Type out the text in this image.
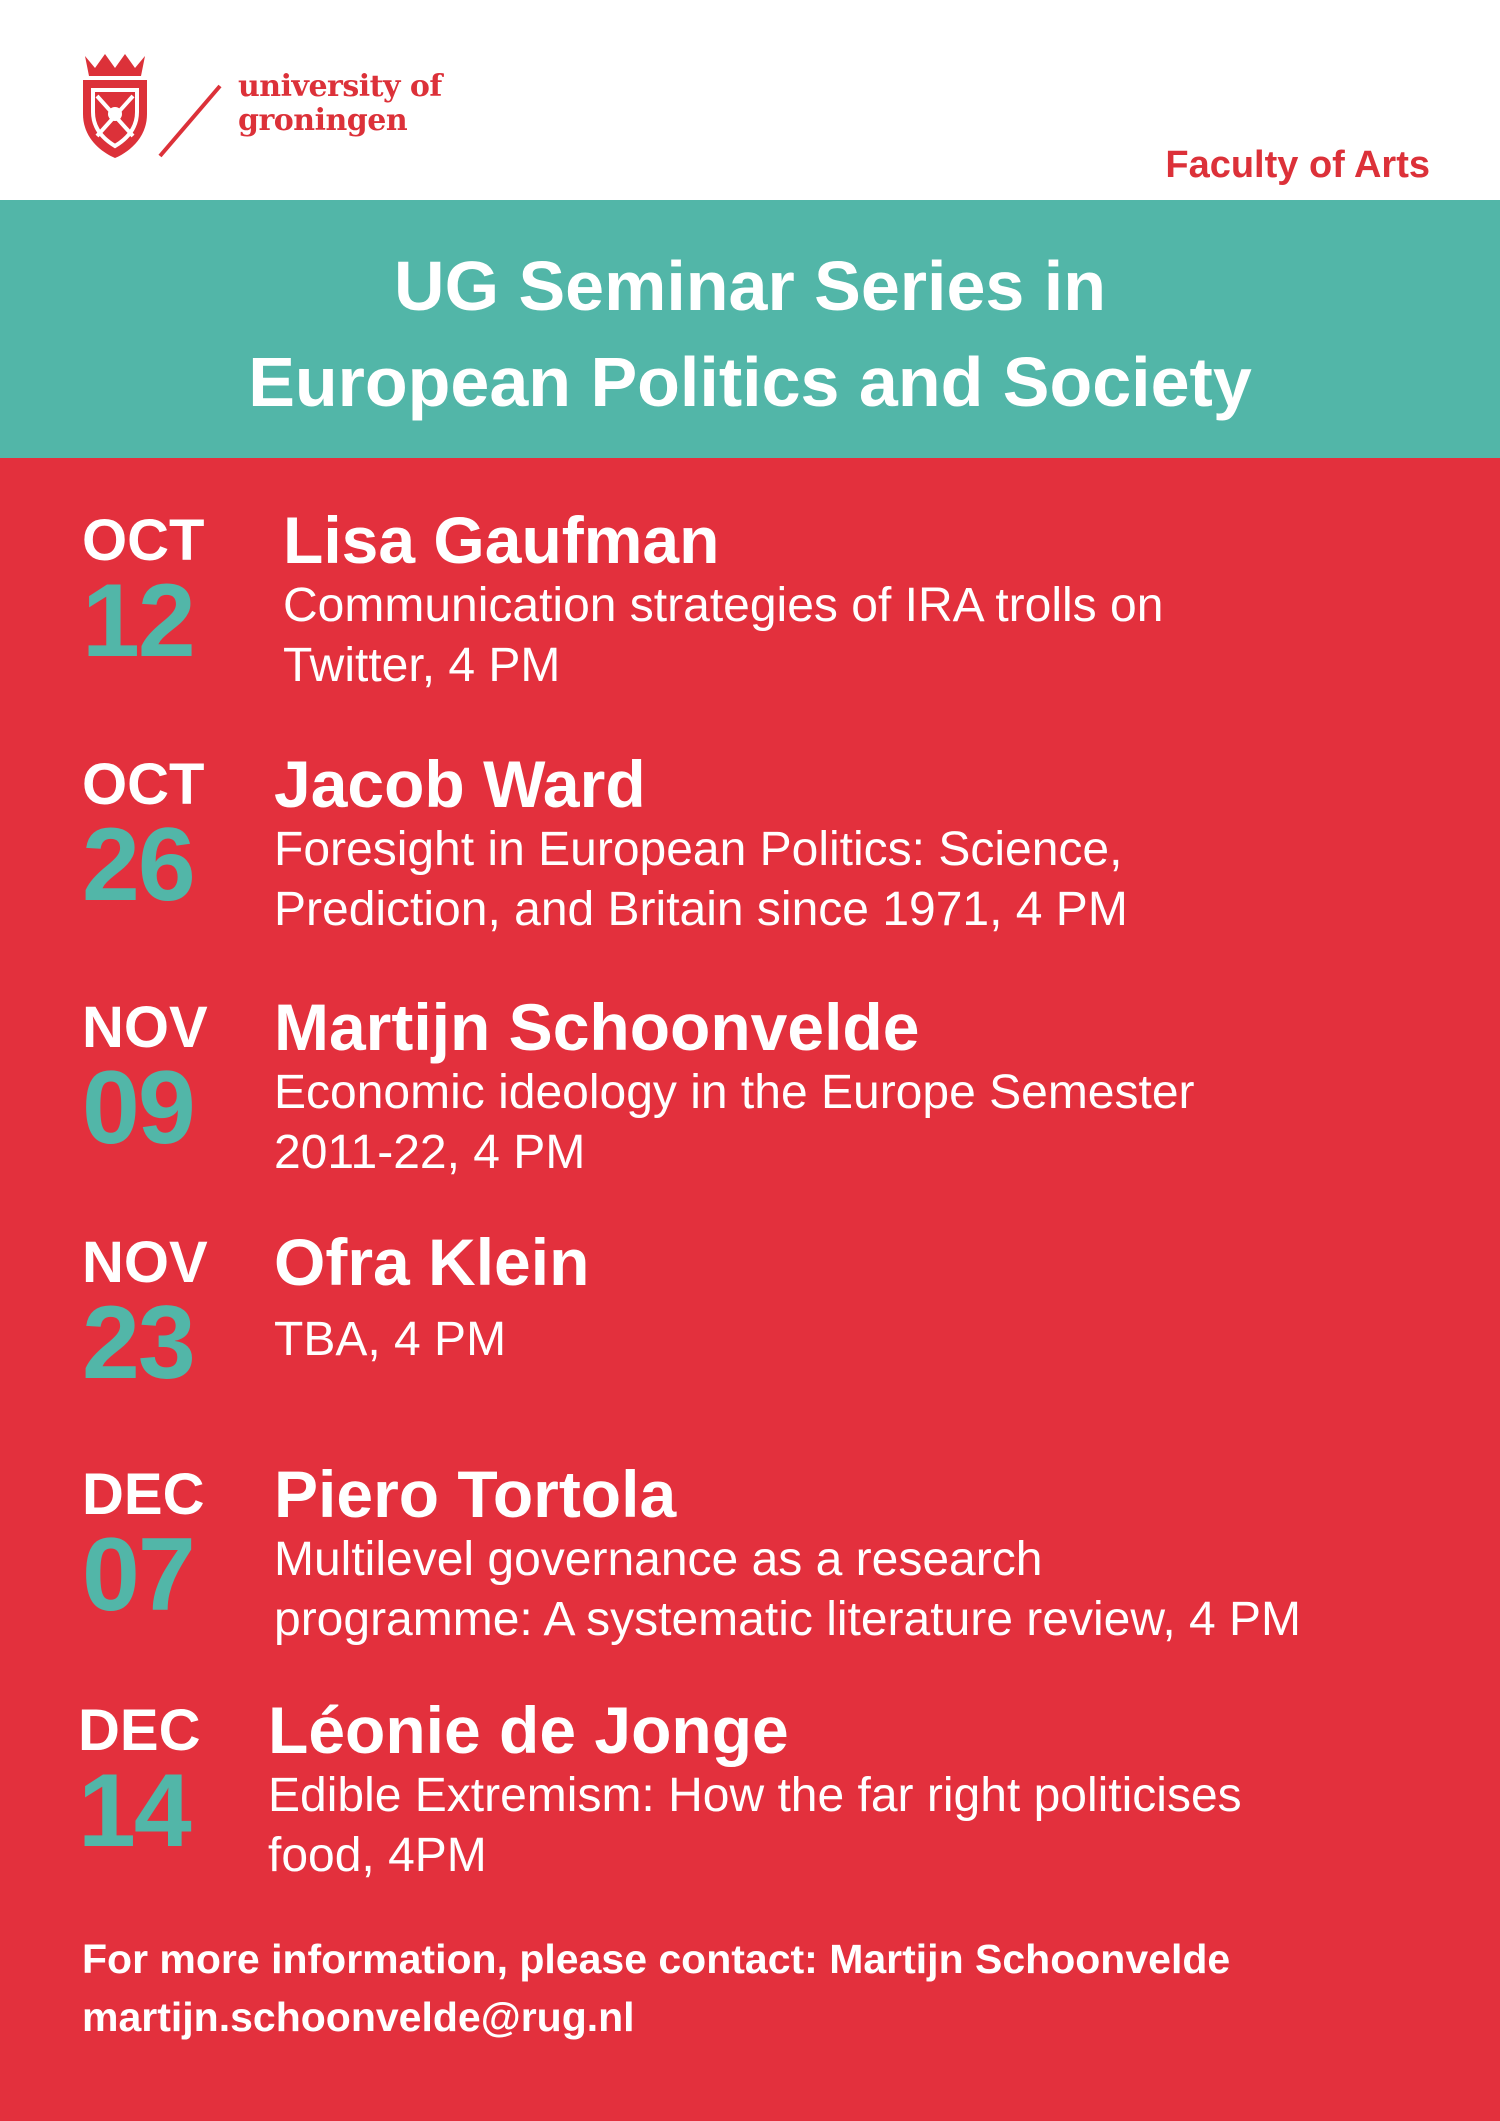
university of
groningen
Faculty of Arts
UG Seminar Series in
European Politics and Society
OCT
12
Lisa Gaufman
Communication strategies of IRA trolls on
Twitter, 4 PM
OCT
26
Jacob Ward
Foresight in European Politics: Science,
Prediction, and Britain since 1971, 4 PM
NOV
09
Martijn Schoonvelde
Economic ideology in the Europe Semester
2011-22, 4 PM
NOV
23
Ofra Klein
TBA, 4 PM
DEC
07
Piero Tortola
Multilevel governance as a research
programme: A systematic literature review, 4 PM
DEC
14
Léonie de Jonge
Edible Extremism: How the far right politicises
food, 4PM
For more information, please contact: Martijn Schoonvelde
martijn.schoonvelde@rug.nl
